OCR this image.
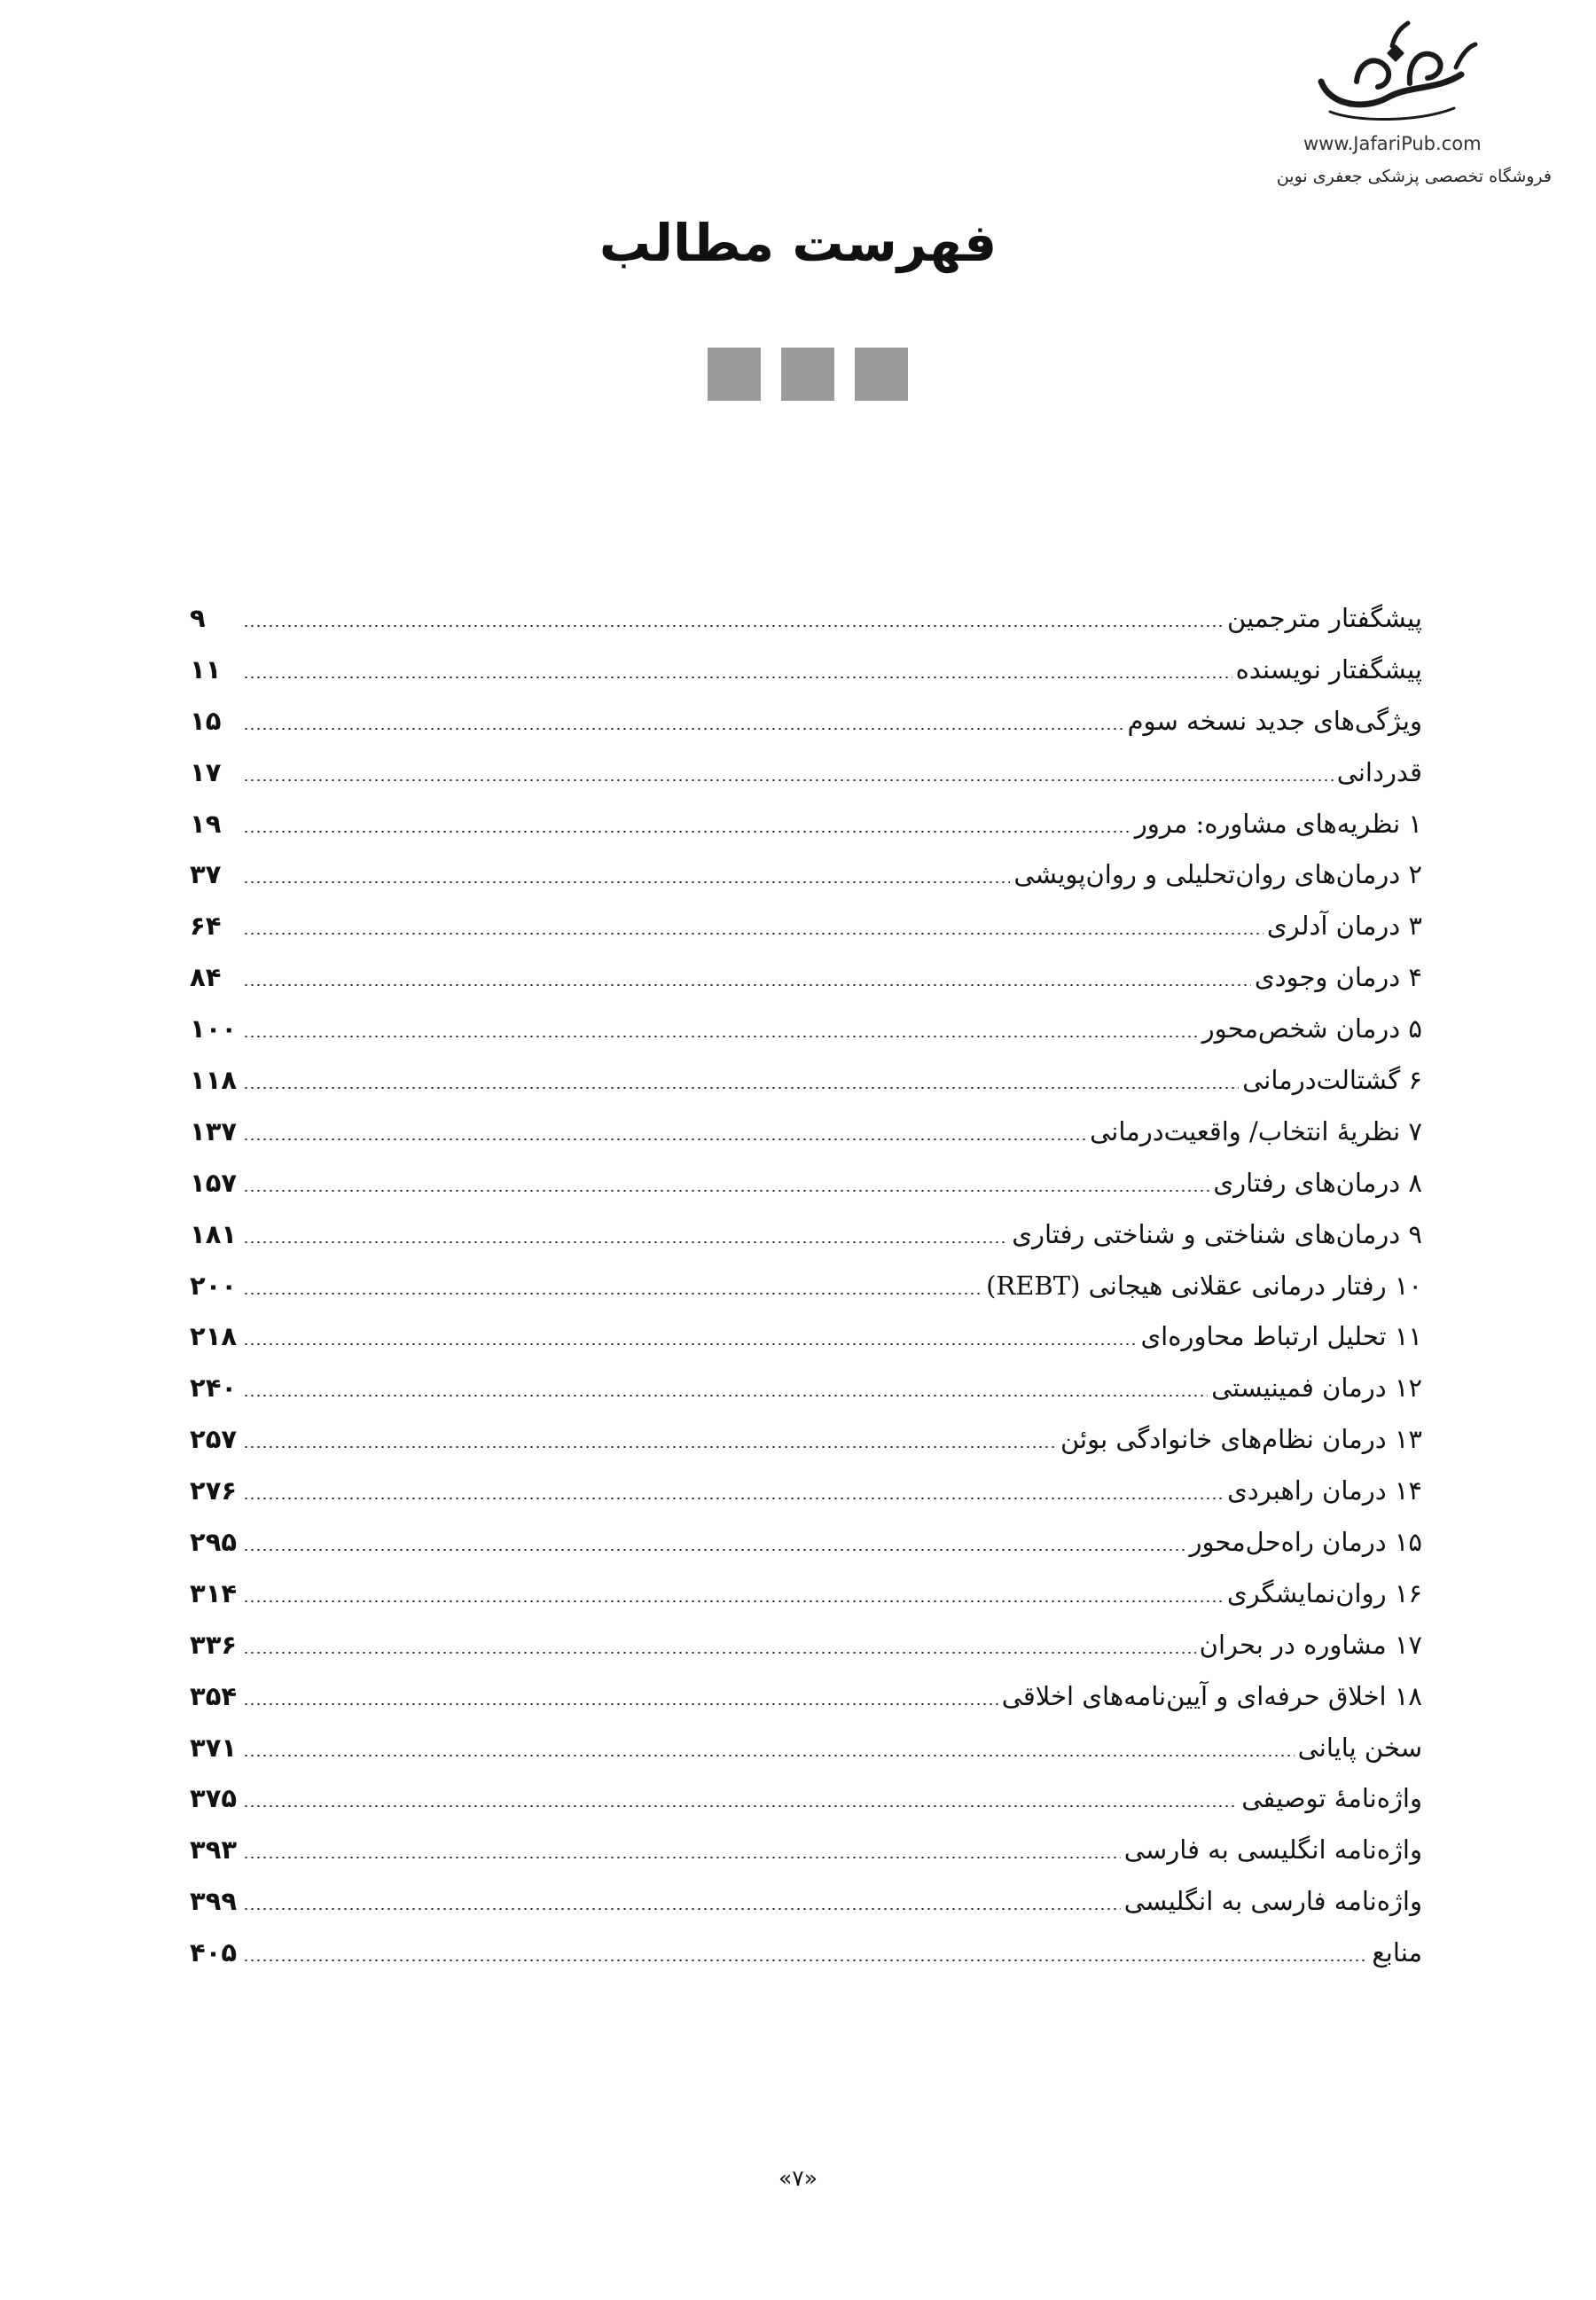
www.JafariPub.com
فروشگاه تخصصی پزشکی جعفری نوین
فهرست مطالب
پیشگفتار مترجمین
۹
پیشگفتار نویسنده
۱۱
ویژگی‌های جدید نسخه سوم
۱۵
قدردانی
۱۷
۱ نظریه‌های مشاوره: مرور
۱۹
۲ درمان‌های روان‌تحلیلی و روان‌پویشی
۳۷
۳ درمان آدلری
۶۴
۴ درمان وجودی
۸۴
۵ درمان شخص‌محور
۱۰۰
۶ گشتالت‌درمانی
۱۱۸
۷ نظریهٔ انتخاب/ واقعیت‌درمانی
۱۳۷
۸ درمان‌های رفتاری
۱۵۷
۹ درمان‌های شناختی و شناختی رفتاری
۱۸۱
۱۰ رفتار درمانی عقلانی هیجانی (REBT)
۲۰۰
۱۱ تحلیل ارتباط محاوره‌ای
۲۱۸
۱۲ درمان فمینیستی
۲۴۰
۱۳ درمان نظام‌های خانوادگی بوئن
۲۵۷
۱۴ درمان راهبردی
۲۷۶
۱۵ درمان راه‌حل‌محور
۲۹۵
۱۶ روان‌نمایشگری
۳۱۴
۱۷ مشاوره در بحران
۳۳۶
۱۸ اخلاق حرفه‌ای و آیین‌نامه‌های اخلاقی
۳۵۴
سخن پایانی
۳۷۱
واژه‌نامهٔ توصیفی
۳۷۵
واژه‌نامه انگلیسی به فارسی
۳۹۳
واژه‌نامه فارسی به انگلیسی
۳۹۹
منابع
۴۰۵
«۷»
